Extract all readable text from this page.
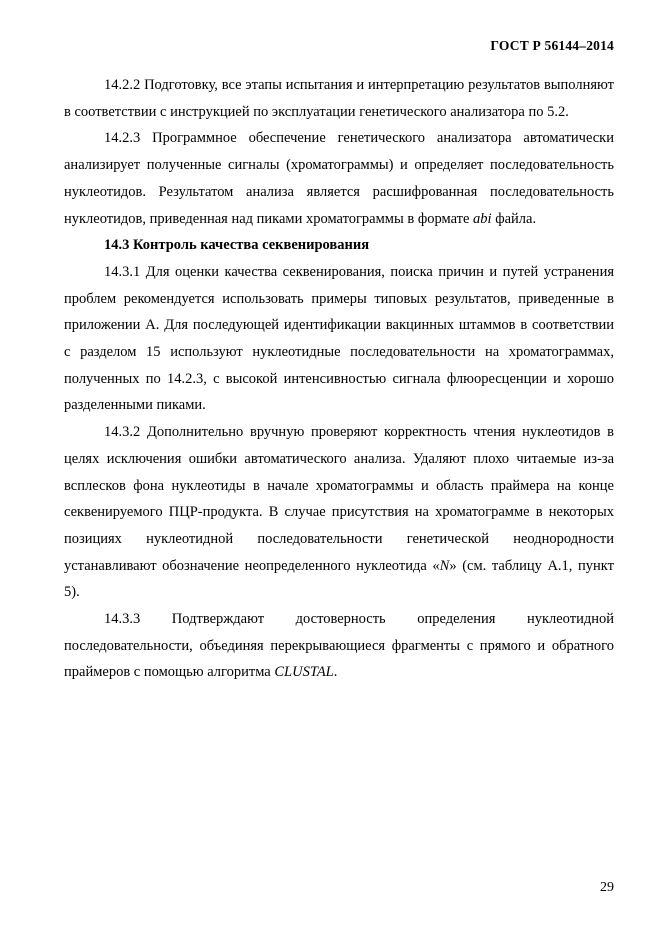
ГОСТ Р 56144–2014

14.2.2 Подготовку, все этапы испытания и интерпретацию результатов выполняют в соответствии с инструкцией по эксплуатации генетического анализатора по 5.2.

14.2.3 Программное обеспечение генетического анализатора автоматически анализирует полученные сигналы (хроматограммы) и определяет последовательность нуклеотидов. Результатом анализа является расшифрованная последовательность нуклеотидов, приведенная над пиками хроматограммы в формате abi файла.

14.3 Контроль качества секвенирования

14.3.1 Для оценки качества секвенирования, поиска причин и путей устранения проблем рекомендуется использовать примеры типовых результатов, приведенные в приложении А. Для последующей идентификации вакцинных штаммов в соответствии с разделом 15 используют нуклеотидные последовательности на хроматограммах, полученных по 14.2.3, с высокой интенсивностью сигнала флюоресценции и хорошо разделенными пиками.

14.3.2 Дополнительно вручную проверяют корректность чтения нуклеотидов в целях исключения ошибки автоматического анализа. Удаляют плохо читаемые из-за всплесков фона нуклеотиды в начале хроматограммы и область праймера на конце секвенируемого ПЦР-продукта. В случае присутствия на хроматограмме в некоторых позициях нуклеотидной последовательности генетической неоднородности устанавливают обозначение неопределенного нуклеотида «N» (см. таблицу А.1, пункт 5).

14.3.3 Подтверждают достоверность определения нуклеотидной последовательности, объединяя перекрывающиеся фрагменты с прямого и обратного праймеров с помощью алгоритма CLUSTAL.

29
